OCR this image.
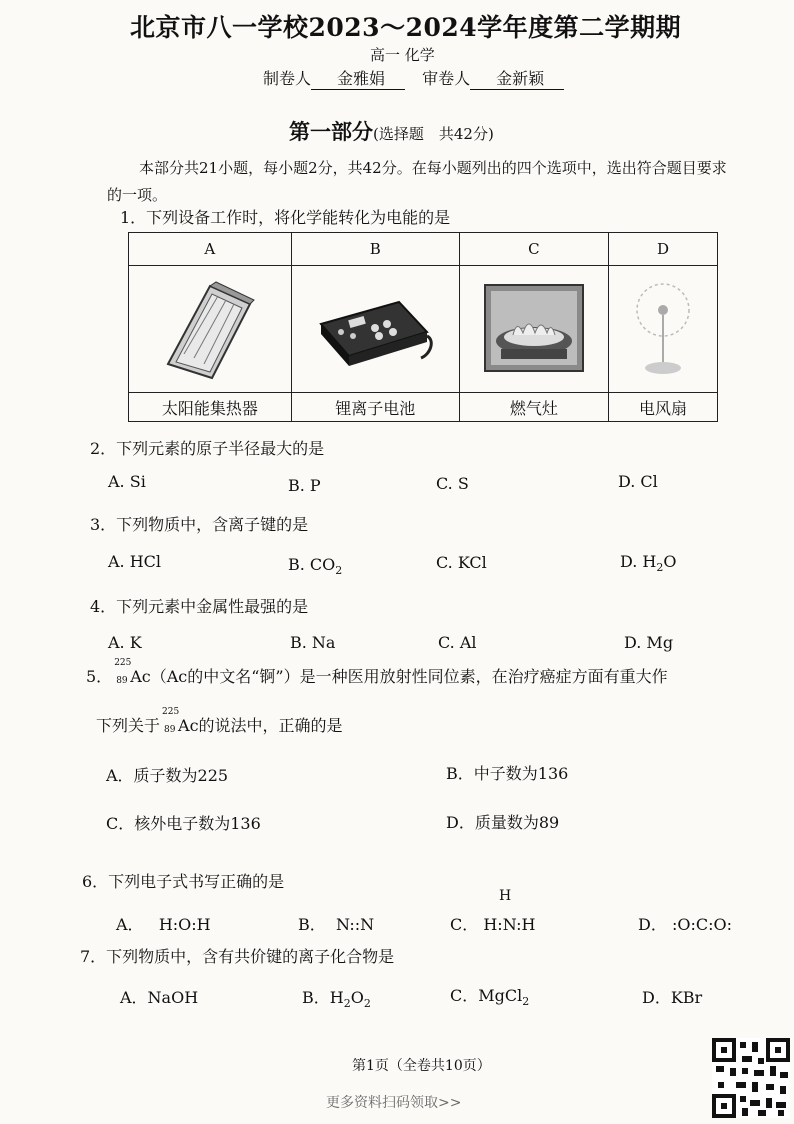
北京市八一学校2023～2024学年度第二学期期
高一 化学
制卷人 金雅娟 审卷人 金新颖
第一部分(选择题　共42分)
本部分共21小题，每小题2分，共42分。在每小题列出的四个选项中，选出符合题目要求的一项。
1．下列设备工作时，将化学能转化为电能的是
A	B	C	D

太阳能集热器	锂离子电池	燃气灶	电风扇
2．下列元素的原子半径最大的是
A. Si	B. P	C. S	D. Cl
3．下列物质中，含离子键的是
A. HCl	B. $CO_2$	C. KCl	D. $H_2O$
4．下列元素中金属性最强的是
A. K	B. Na	C. Al	D. Mg
5．
225
89 Ac（Ac的中文名“锕”）是一种医用放射性同位素，在治疗癌症方面有重大作
下列关于
225
89 Ac的说法中，正确的是
A．质子数为225	B．中子数为136
C．核外电子数为136	D．质量数为89
6．下列电子式书写正确的是
A． H:O:H	B． N::N
H
C． H:N:H	D． :O:C:O:
7．下列物质中，含有共价键的离子化合物是
A．NaOH	B．$H_2O_2$	C．MgCl$_2$	D．KBr
第1页（全卷共10页）
更多资料扫码领取>>
